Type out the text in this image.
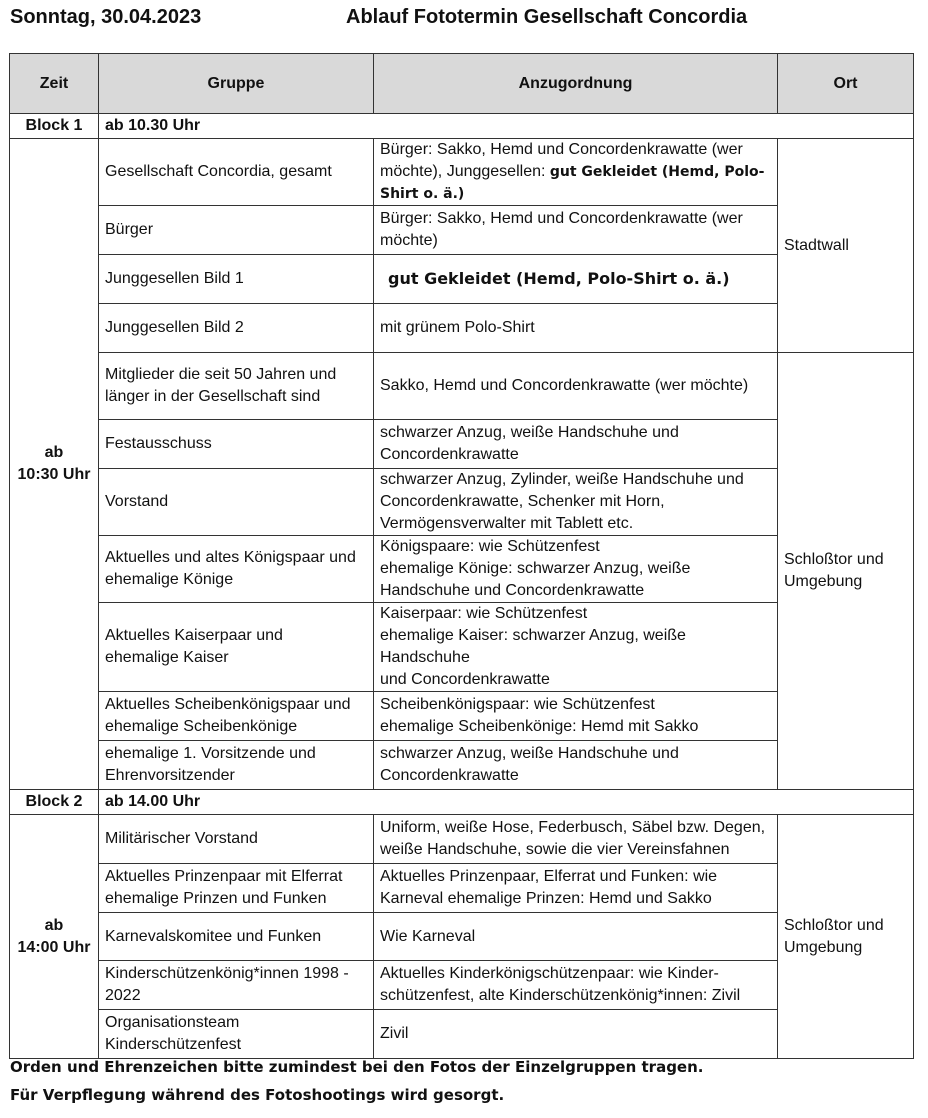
Sonntag, 30.04.2023	Ablauf Fototermin Gesellschaft Concordia
Zeit	Gruppe	Anzugordnung	Ort
Block 1	ab 10.30 Uhr		
ab
10:30 Uhr	Gesellschaft Concordia, gesamt	Bürger: Sakko, Hemd und Concordenkrawatte (wer
möchte), Junggesellen: gut Gekleidet (Hemd, Polo-Shirt o. ä.)	Stadtwall
	Bürger	Bürger: Sakko, Hemd und Concordenkrawatte (wer
möchte)	
	Junggesellen Bild 1	gut Gekleidet (Hemd, Polo-Shirt o. ä.)	
	Junggesellen Bild 2	mit grünem Polo-Shirt	
	Mitglieder die seit 50 Jahren und
länger in der Gesellschaft sind	Sakko, Hemd und Concordenkrawatte (wer möchte)	Schloßtor und
Umgebung
	Festausschuss	schwarzer Anzug, weiße Handschuhe und
Concordenkrawatte	
	Vorstand	schwarzer Anzug, Zylinder, weiße Handschuhe und
Concordenkrawatte, Schenker mit Horn,
Vermögensverwalter mit Tablett etc.	
	Aktuelles und altes Königspaar und
ehemalige Könige	Königspaare: wie Schützenfest
ehemalige Könige: schwarzer Anzug, weiße
Handschuhe und Concordenkrawatte	
	Aktuelles Kaiserpaar und
ehemalige Kaiser	Kaiserpaar: wie Schützenfest
ehemalige Kaiser: schwarzer Anzug, weiße Handschuhe
und Concordenkrawatte	
	Aktuelles Scheibenkönigspaar und
ehemalige Scheibenkönige	Scheibenkönigspaar: wie Schützenfest
ehemalige Scheibenkönige: Hemd mit Sakko	
	ehemalige 1. Vorsitzende und
Ehrenvorsitzender	schwarzer Anzug, weiße Handschuhe und
Concordenkrawatte	
Block 2	ab 14.00 Uhr		
ab
14:00 Uhr	Militärischer Vorstand	Uniform, weiße Hose, Federbusch, Säbel bzw. Degen,
weiße Handschuhe, sowie die vier Vereinsfahnen	Schloßtor und
Umgebung
	Aktuelles Prinzenpaar mit Elferrat
ehemalige Prinzen und Funken	Aktuelles Prinzenpaar, Elferrat und Funken: wie
Karneval ehemalige Prinzen: Hemd und Sakko	
	Karnevalskomitee und Funken	Wie Karneval	
	Kinderschützenkönig*innen 1998 -
2022	Aktuelles Kinderkönigschützenpaar: wie Kinder-
schützenfest, alte Kinderschützenkönig*innen: Zivil	
	Organisationsteam
Kinderschützenfest	Zivil	
Orden und Ehrenzeichen bitte zumindest bei den Fotos der Einzelgruppen tragen.
Für Verpflegung während des Fotoshootings wird gesorgt.
